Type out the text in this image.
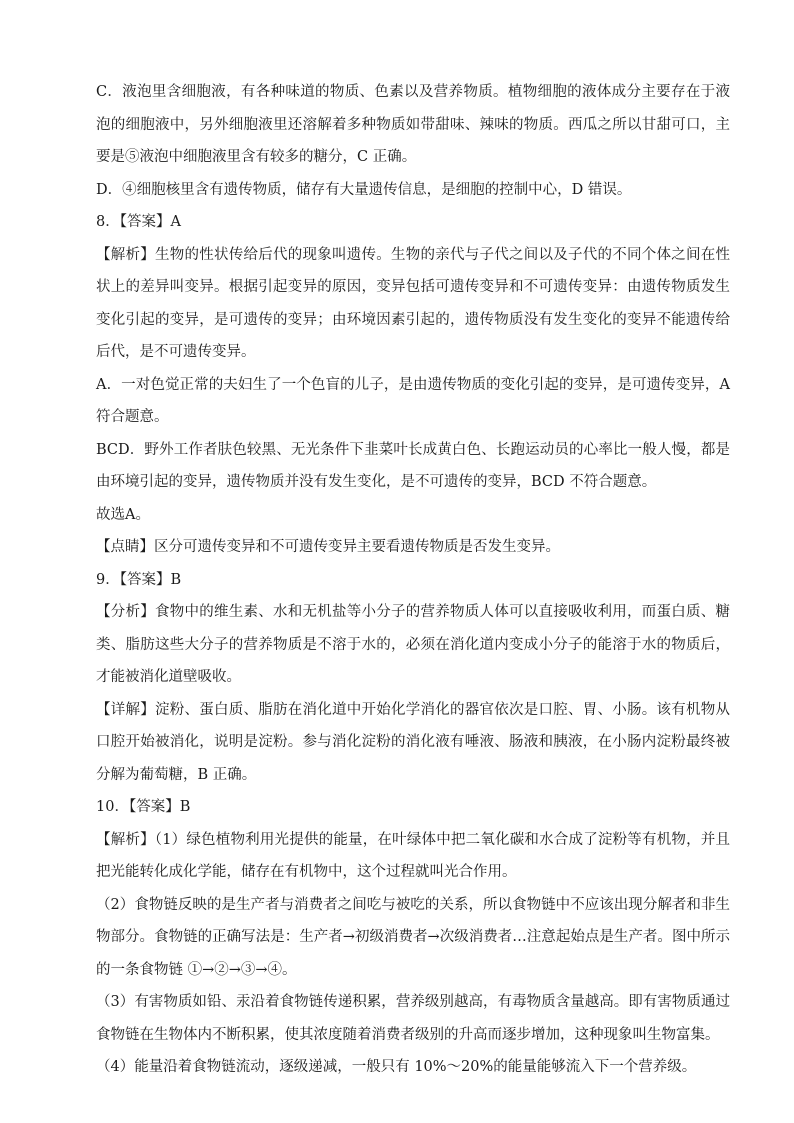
C．液泡里含细胞液，有各种味道的物质、色素以及营养物质。植物细胞的液体成分主要存在于液泡的细胞液中，另外细胞液里还溶解着多种物质如带甜味、辣味的物质。西瓜之所以甘甜可口，主要是⑤液泡中细胞液里含有较多的糖分，C 正确。

D．④细胞核里含有遗传物质，储存有大量遗传信息，是细胞的控制中心，D 错误。

8．【答案】A

【解析】生物的性状传给后代的现象叫遗传。生物的亲代与子代之间以及子代的不同个体之间在性状上的差异叫变异。根据引起变异的原因，变异包括可遗传变异和不可遗传变异：由遗传物质发生变化引起的变异，是可遗传的变异；由环境因素引起的，遗传物质没有发生变化的变异不能遗传给后代，是不可遗传变异。

A．一对色觉正常的夫妇生了一个色盲的儿子，是由遗传物质的变化引起的变异，是可遗传变异，A 符合题意。

BCD．野外工作者肤色较黑、无光条件下韭菜叶长成黄白色、长跑运动员的心率比一般人慢，都是由环境引起的变异，遗传物质并没有发生变化，是不可遗传的变异，BCD 不符合题意。

故选A。

【点睛】区分可遗传变异和不可遗传变异主要看遗传物质是否发生变异。

9．【答案】B

【分析】食物中的维生素、水和无机盐等小分子的营养物质人体可以直接吸收利用，而蛋白质、糖类、脂肪这些大分子的营养物质是不溶于水的，必须在消化道内变成小分子的能溶于水的物质后，才能被消化道壁吸收。

【详解】淀粉、蛋白质、脂肪在消化道中开始化学消化的器官依次是口腔、胃、小肠。该有机物从口腔开始被消化，说明是淀粉。参与消化淀粉的消化液有唾液、肠液和胰液，在小肠内淀粉最终被分解为葡萄糖，B 正确。

10．【答案】B

【解析】（1）绿色植物利用光提供的能量，在叶绿体中把二氧化碳和水合成了淀粉等有机物，并且把光能转化成化学能，储存在有机物中，这个过程就叫光合作用。

（2）食物链反映的是生产者与消费者之间吃与被吃的关系，所以食物链中不应该出现分解者和非生物部分。食物链的正确写法是：生产者→初级消费者→次级消费者…注意起始点是生产者。图中所示的一条食物链 ①→②→③→④。

（3）有害物质如铅、汞沿着食物链传递积累，营养级别越高，有毒物质含量越高。即有害物质通过食物链在生物体内不断积累，使其浓度随着消费者级别的升高而逐步增加，这种现象叫生物富集。

（4）能量沿着食物链流动，逐级递减，一般只有 10%～20%的能量能够流入下一个营养级。
